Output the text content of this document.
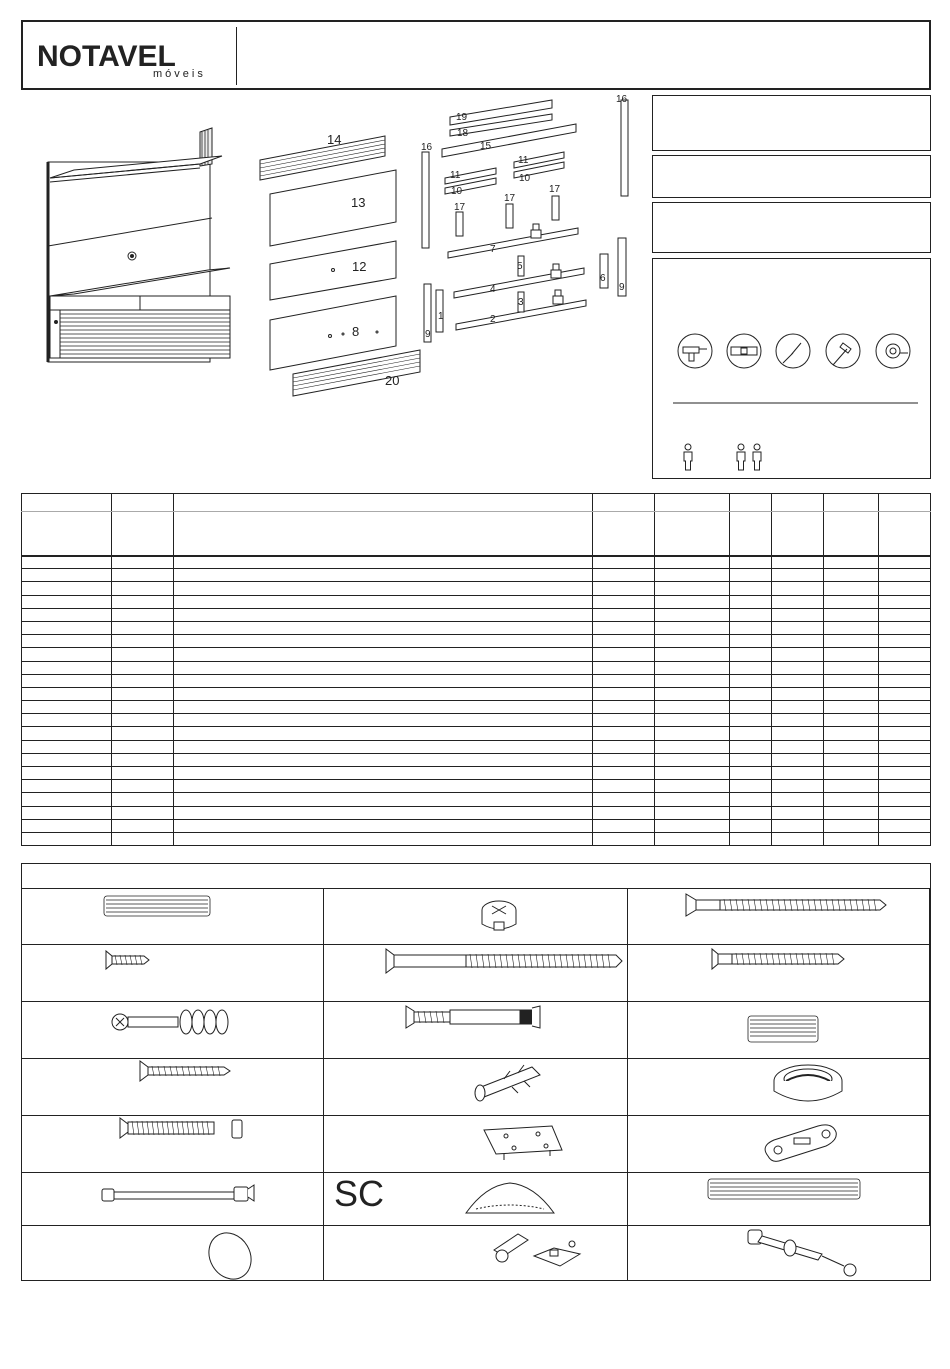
NOTAVEL
móveis
14
13
12
8
20
19
18
15
16
11
10
11
10
17
17
17
7
5
4
3
2
1
9
6
9
16

SC
